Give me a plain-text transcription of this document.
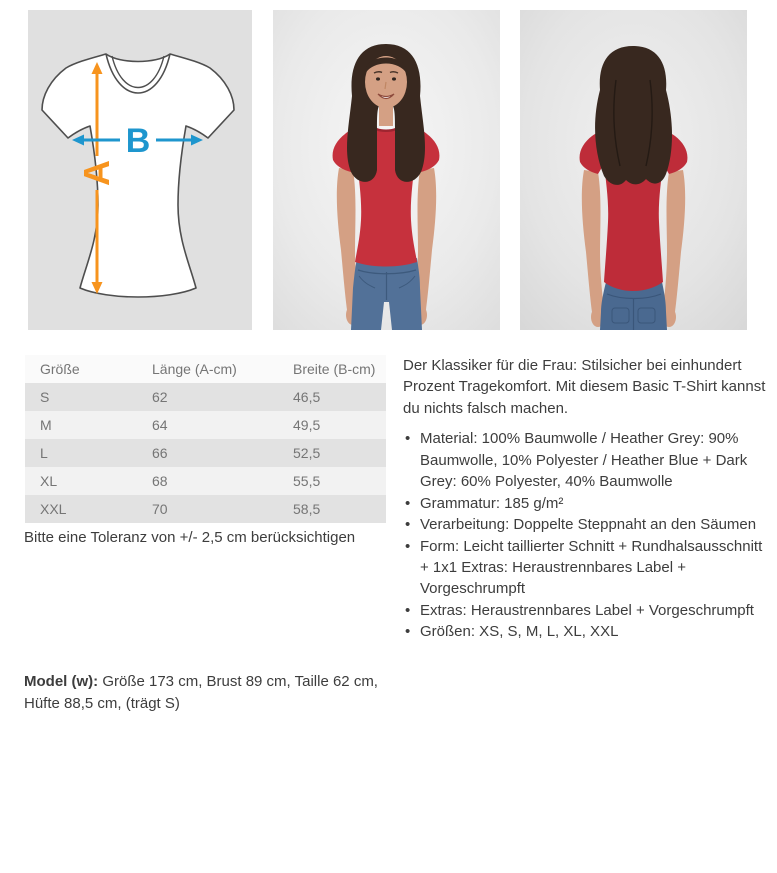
A
B
Größe	Länge (A-cm)	Breite (B-cm)
S	62	46,5
M	64	49,5
L	66	52,5
XL	68	55,5
XXL	70	58,5

Bitte eine Toleranz von +/- 2,5 cm berücksichtigen

Model (w): Größe 173 cm, Brust 89 cm, Taille 62 cm, Hüfte 88,5 cm, (trägt S)

Der Klassiker für die Frau: Stilsicher bei einhundert Prozent Tragekomfort. Mit diesem Basic T-Shirt kannst du nichts falsch machen.

• Material: 100% Baumwolle / Heather Grey: 90% Baumwolle, 10% Polyester / Heather Blue + Dark Grey: 60% Polyester, 40% Baumwolle
• Grammatur: 185 g/m²
• Verarbeitung: Doppelte Steppnaht an den Säumen
• Form: Leicht taillierter Schnitt + Rundhalsausschnitt + 1x1 Extras: Heraustrennbares Label + Vorgeschrumpft
• Extras: Heraustrennbares Label + Vorgeschrumpft
• Größen: XS, S, M, L, XL, XXL
